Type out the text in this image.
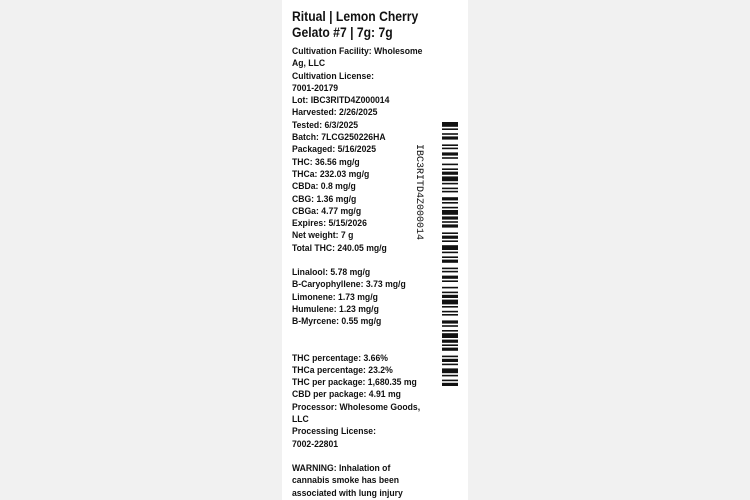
Ritual | Lemon Cherry
Gelato #7 | 7g: 7g
Cultivation Facility: Wholesome
Ag, LLC
Cultivation License:
7001-20179
Lot: IBC3RITD4Z000014
Harvested: 2/26/2025
Tested: 6/3/2025
Batch: 7LCG250226HA
Packaged: 5/16/2025
THC: 36.56 mg/g
THCa: 232.03 mg/g
CBDa: 0.8 mg/g
CBG: 1.36 mg/g
CBGa: 4.77 mg/g
Expires: 5/15/2026
Net weight: 7 g
Total THC: 240.05 mg/g
Linalool: 5.78 mg/g
B-Caryophyllene: 3.73 mg/g
Limonene: 1.73 mg/g
Humulene: 1.23 mg/g
B-Myrcene: 0.55 mg/g
THC percentage: 3.66%
THCa percentage: 23.2%
THC per package: 1,680.35 mg
CBD per package: 4.91 mg
Processor: Wholesome Goods,
LLC
Processing License:
7002-22801
WARNING: Inhalation of
cannabis smoke has been
associated with lung injury
IBC3RITD4Z000014
